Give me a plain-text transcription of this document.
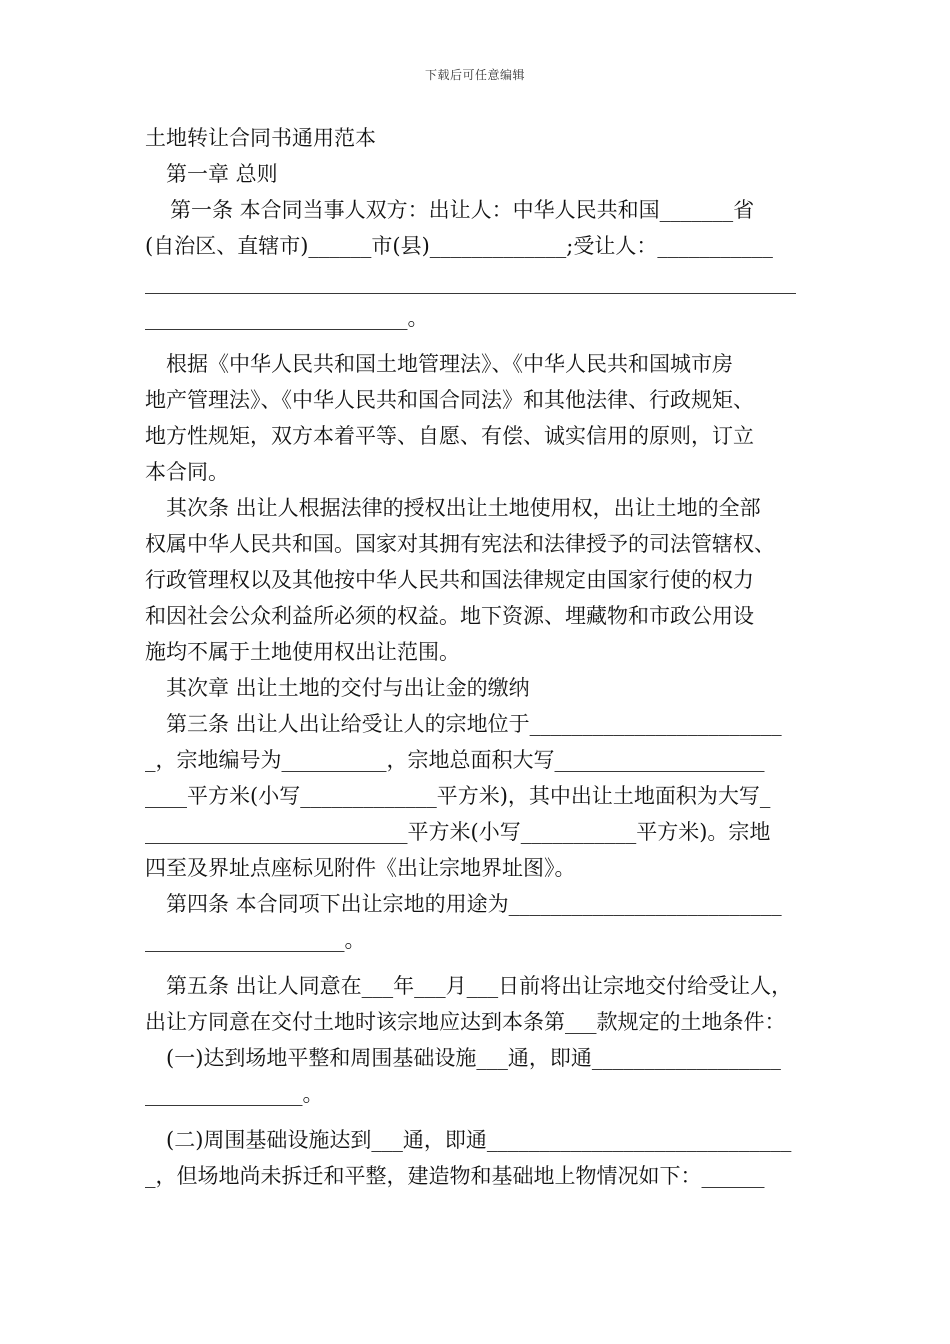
下载后可任意编辑
土地转让合同书通用范本
第一章 总则
第一条 本合同当事人双方：出让人：中华人民共和国_______省
(自治区、直辖市)______市(县)_____________;受让人：___________
______________________________________________________________
_________________________。
根据《中华人民共和国土地管理法》、《中华人民共和国城市房
地产管理法》、《中华人民共和国合同法》和其他法律、行政规矩、
地方性规矩，双方本着平等、自愿、有偿、诚实信用的原则，订立
本合同。
其次条 出让人根据法律的授权出让土地使用权，出让土地的全部
权属中华人民共和国。国家对其拥有宪法和法律授予的司法管辖权、
行政管理权以及其他按中华人民共和国法律规定由国家行使的权力
和因社会公众利益所必须的权益。地下资源、埋藏物和市政公用设
施均不属于土地使用权出让范围。
其次章 出让土地的交付与出让金的缴纳
第三条 出让人出让给受让人的宗地位于________________________
_，宗地编号为__________，宗地总面积大写____________________
____平方米(小写_____________平方米)，其中出让土地面积为大写_
_________________________平方米(小写___________平方米)。宗地
四至及界址点座标见附件《出让宗地界址图》。
第四条 本合同项下出让宗地的用途为__________________________
___________________。
第五条 出让人同意在___年___月___日前将出让宗地交付给受让人，
出让方同意在交付土地时该宗地应达到本条第___款规定的土地条件：
(一)达到场地平整和周围基础设施___通，即通__________________
_______________。
(二)周围基础设施达到___通，即通_____________________________
_，但场地尚未拆迁和平整，建造物和基础地上物情况如下：______
